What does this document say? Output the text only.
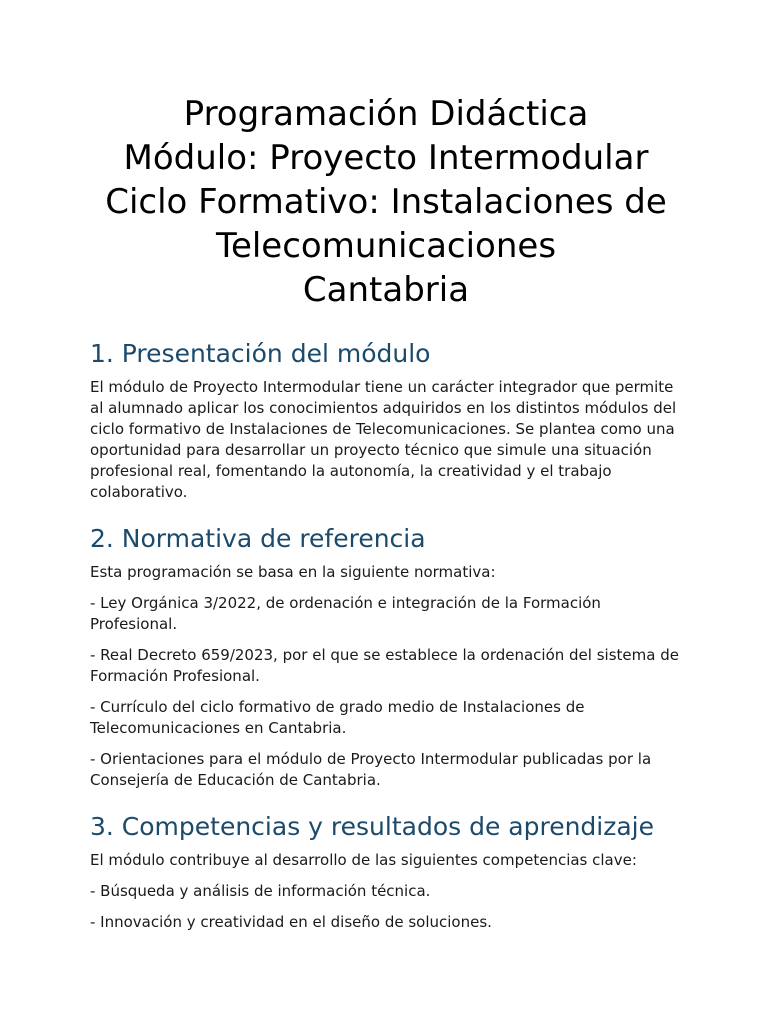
Programación Didáctica
Módulo: Proyecto Intermodular
Ciclo Formativo: Instalaciones de
Telecomunicaciones
Cantabria
1. Presentación del módulo

El módulo de Proyecto Intermodular tiene un carácter integrador que permite al alumnado aplicar los conocimientos adquiridos en los distintos módulos del ciclo formativo de Instalaciones de Telecomunicaciones. Se plantea como una oportunidad para desarrollar un proyecto técnico que simule una situación profesional real, fomentando la autonomía, la creatividad y el trabajo colaborativo.

2. Normativa de referencia

Esta programación se basa en la siguiente normativa:

- Ley Orgánica 3/2022, de ordenación e integración de la Formación Profesional.

- Real Decreto 659/2023, por el que se establece la ordenación del sistema de Formación Profesional.

- Currículo del ciclo formativo de grado medio de Instalaciones de Telecomunicaciones en Cantabria.

- Orientaciones para el módulo de Proyecto Intermodular publicadas por la Consejería de Educación de Cantabria.

3. Competencias y resultados de aprendizaje

El módulo contribuye al desarrollo de las siguientes competencias clave:

- Búsqueda y análisis de información técnica.

- Innovación y creatividad en el diseño de soluciones.
